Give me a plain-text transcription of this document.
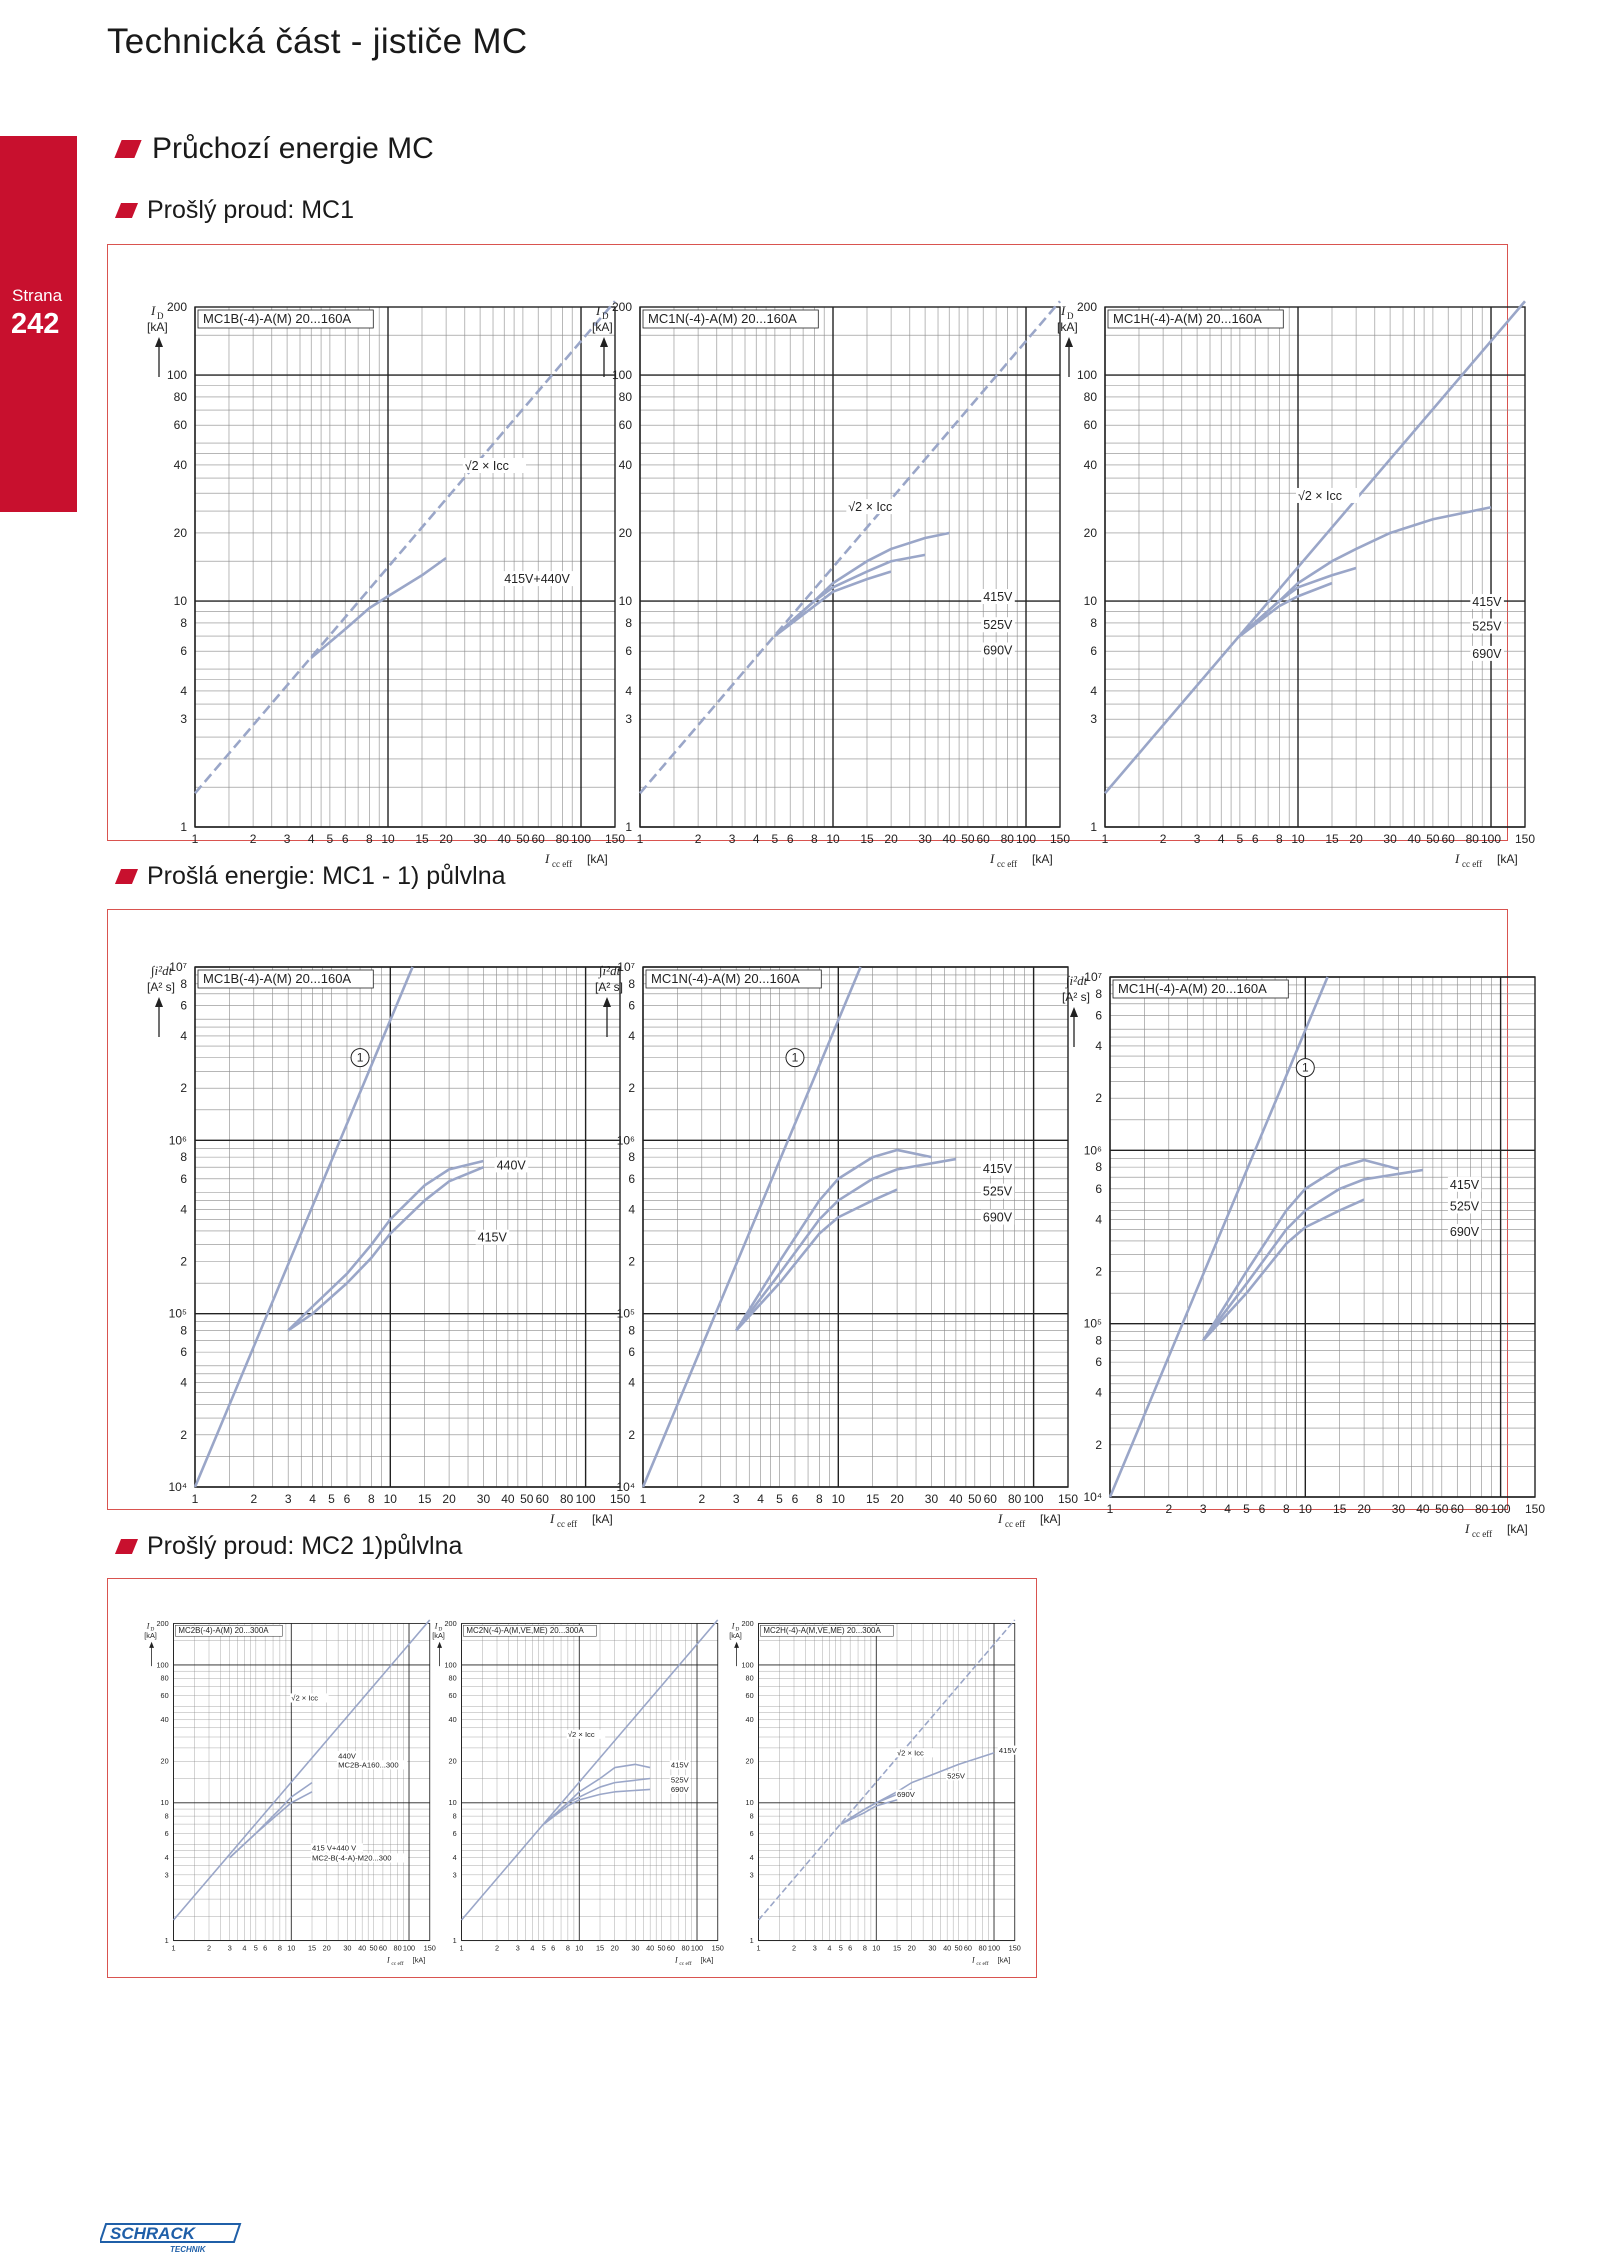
Technická část - jističe MC
Strana
242
Průchozí energie MC
Prošlý proud: MC1
Prošlá energie: MC1 - 1) půlvlna
Prošlý proud: MC2 1)půlvlna
MC1B(-4)-A(M) 20...160A
1	2 3 4 5 6 8 10 15 20 30 40 50 60 80 100 150
1
3
4
6
8
10
20
40
60
80
100
200
I D
[kA]
I cc eff [kA]
√2 × Icc
415V+440V
MC1N(-4)-A(M) 20...160A
1	2 3 4 5 6 8 10 15 20 30 40 50 60 80 100 150
1
3
4
6
8
10
20
40
60
80
100
200
I D
[kA]
I cc eff [kA]
√2 × Icc
415V
525V
690V
MC1H(-4)-A(M) 20...160A
1	2 3 4 5 6 8 10 15 20 30 40 50 60 80 100 150
1
3
4
6
8
10
20
40
60
80
100
200
I D
[kA]
I cc eff [kA]
√2 × Icc
415V
525V
690V
MC1B(-4)-A(M) 20...160A
1	2 3 4 5 6 8 10 15 20 30 40 50 60 80 100 150
10⁴
2
4
6
8
10⁵
2
4
6
8
10⁶
2
4
6
8
10⁷
∫i²dt
[A² s]
I cc eff [kA]
1
440V
415V
MC1N(-4)-A(M) 20...160A
1	2 3 4 5 6 8 10 15 20 30 40 50 60 80 100 150
10⁴
2
4
6
8
10⁵
2
4
6
8
10⁶
2
4
6
8
10⁷
∫i²dt
[A² s]
I cc eff [kA]
1
415V
525V
690V
MC1H(-4)-A(M) 20...160A
1	2 3 4 5 6 8 10 15 20 30 40 50 60 80 100 150
10⁴
2
4
6
8
10⁵
2
4
6
8
10⁶
2
4
6
8
10⁷
∫i²dt
[A² s]
I cc eff [kA]
1
415V
525V
690V
MC2B(-4)-A(M) 20...300A
1	2 3 4 5 6 8 10 15 20 30 40 50 60 80 100 150
1
3
4
6
8
10
20
40
60
80
100
200
I D
[kA]
I cc eff [kA]
√2 × Icc
440V
MC2B-A160...300
415 V+440 V
MC2-B(-4-A)-M20...300
MC2N(-4)-A(M,VE,ME) 20...300A
1	2 3 4 5 6 8 10 15 20 30 40 50 60 80 100 150
1
3
4
6
8
10
20
40
60
80
100
200
I D
[kA]
I cc eff [kA]
√2 × Icc
415V
525V
690V
MC2H(-4)-A(M,VE,ME) 20...300A
1	2 3 4 5 6 8 10 15 20 30 40 50 60 80 100 150
1
3
4
6
8
10
20
40
60
80
100
200
I D
[kA]
I cc eff [kA]
√2 × Icc	415V
525V
690V
SCHRACK
TECHNIK
